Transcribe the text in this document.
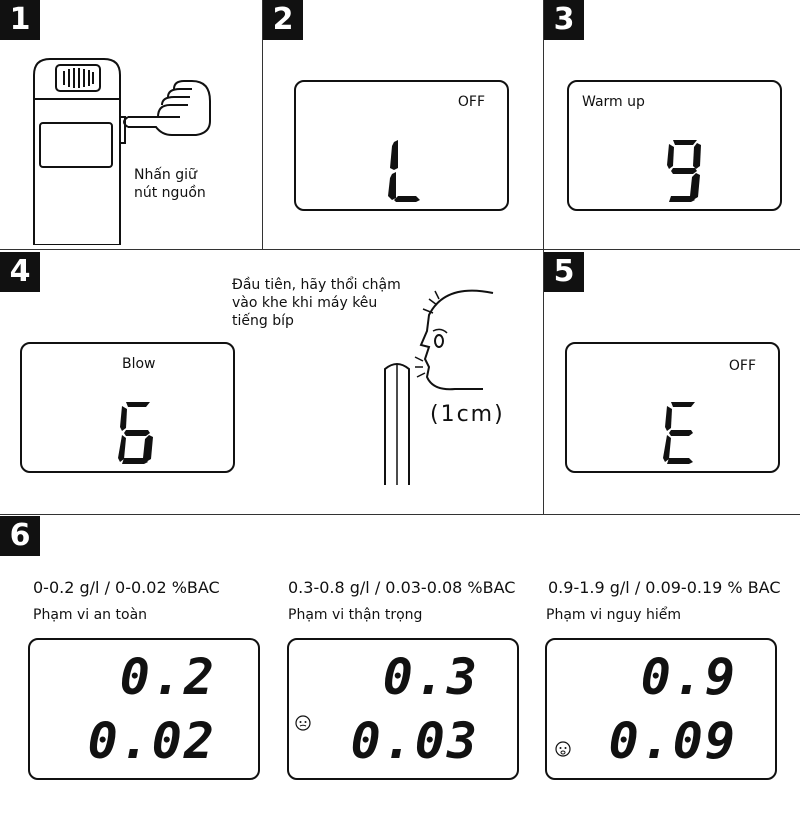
1
Nhấn giữ
nút nguồn
2
OFF
3
Warm up
4
Blow
Đầu tiên, hãy thổi chậm
vào khe khi máy kêu
tiếng bíp
(1cm)
5
OFF
6
0-0.2 g/l / 0-0.02 %BAC
Phạm vi an toàn
0.2
0.02
0.3-0.8 g/l / 0.03-0.08 %BAC
Phạm vi thận trọng
0.3
0.03
0.9-1.9 g/l / 0.09-0.19 % BAC
Phạm vi nguy hiểm
0.9
0.09
